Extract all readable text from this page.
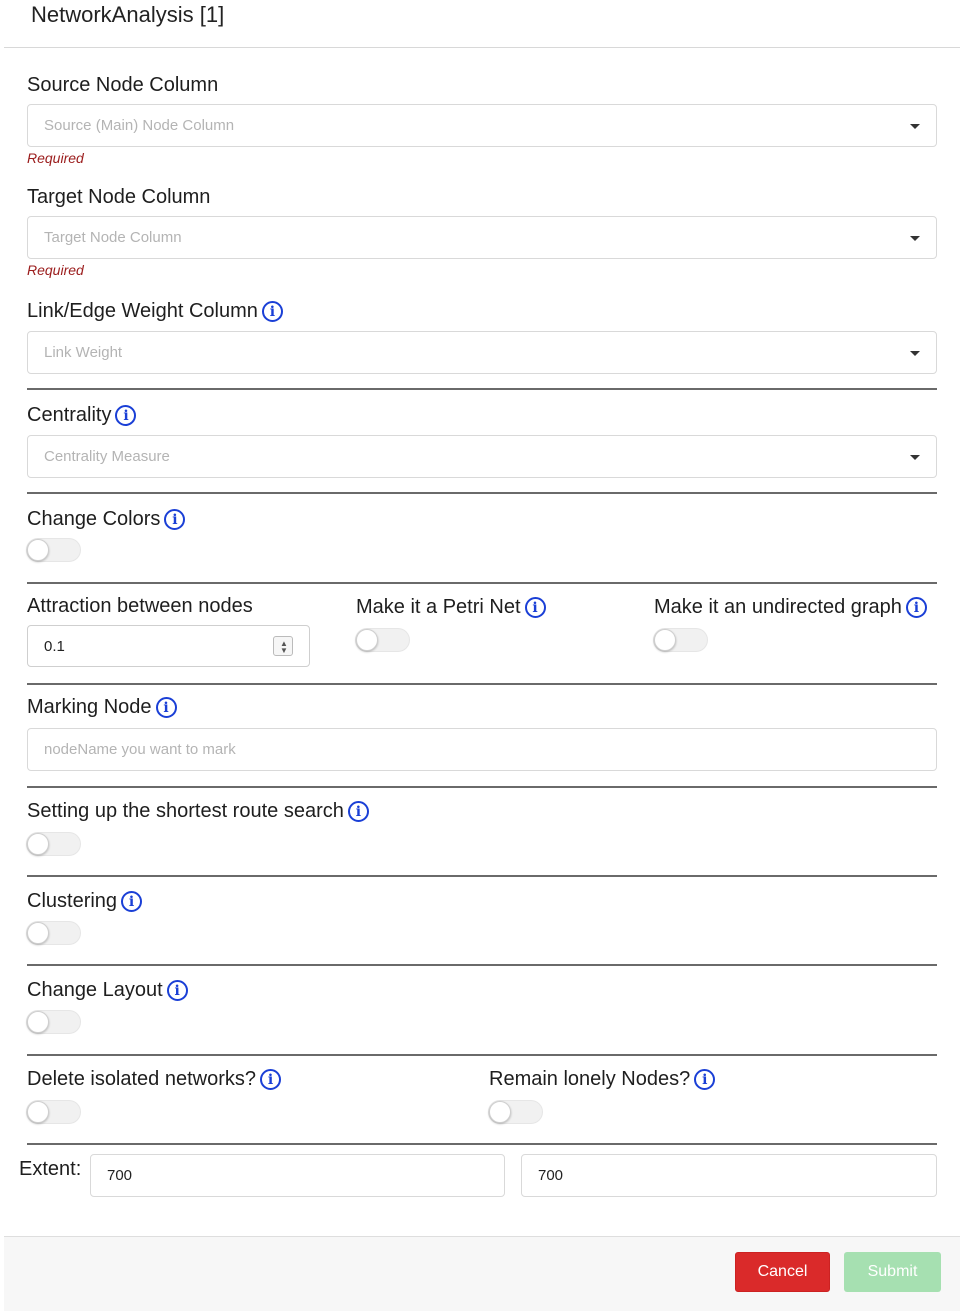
NetworkAnalysis [1]
Source Node Column
Source (Main) Node Column
Required
Target Node Column
Target Node Column
Required
Link/Edge Weight Column i
Link Weight
Centrality i
Centrality Measure
Change Colors i
Attraction between nodes
0.1	▲
▼
Make it a Petri Net i	Make it an undirected graph i
Marking Node i
nodeName you want to mark
Setting up the shortest route search i
Clustering i
Change Layout i
Delete isolated networks? i	Remain lonely Nodes? i
Extent: 700	700
Cancel	Submit
